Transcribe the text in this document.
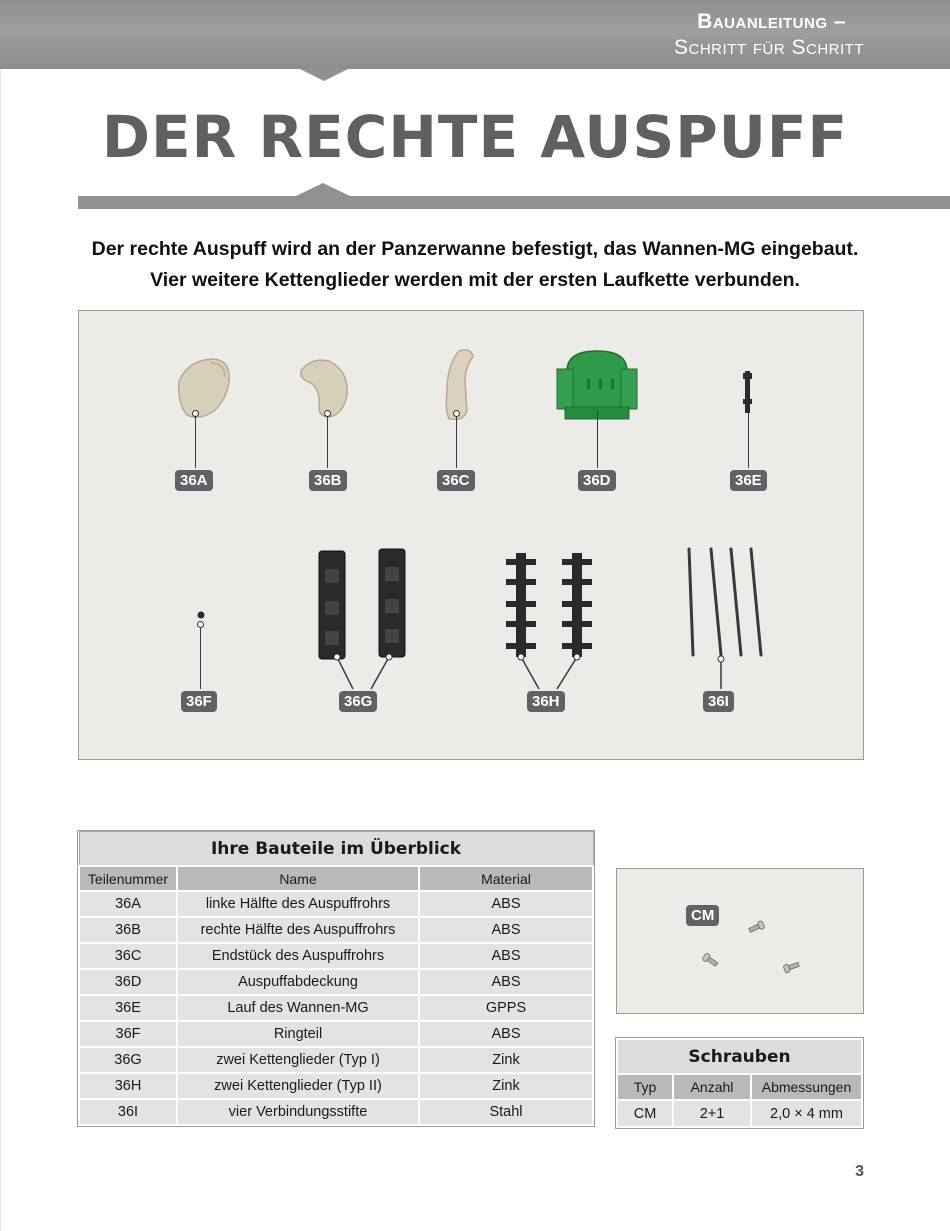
Bauanleitung –
Schritt für Schritt
DER RECHTE AUSPUFF
Der rechte Auspuff wird an der Panzerwanne befestigt, das Wannen-MG eingebaut.
Vier weitere Kettenglieder werden mit der ersten Laufkette verbunden.
36A	36B	36C	36D	36E
36F	36G	36H	36I
Ihre Bauteile im Überblick		
Teilenummer	Name	Material
36A	linke Hälfte des Auspuffrohrs	ABS
36B	rechte Hälfte des Auspuffrohrs	ABS
36C	Endstück des Auspuffrohrs	ABS
36D	Auspuffabdeckung	ABS
36E	Lauf des Wannen-MG	GPPS
36F	Ringteil	ABS
36G	zwei Kettenglieder (Typ I)	Zink
36H	zwei Kettenglieder (Typ II)	Zink
36I	vier Verbindungsstifte	Stahl
CM
Schrauben		
Typ	Anzahl	Abmessungen
CM	2+1	2,0 × 4 mm
3
